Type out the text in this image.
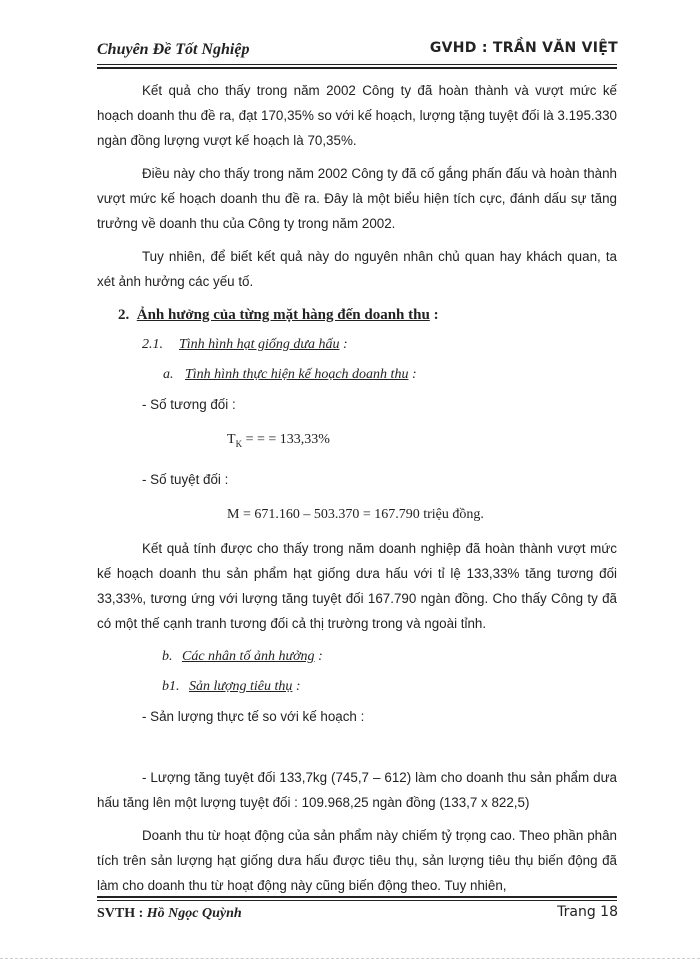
Chuyên Đề Tốt Nghiệp	GVHD : TRẦN VĂN VIỆT

Kết quả cho thấy trong năm 2002 Công ty đã hoàn thành và vượt mức kế hoạch doanh thu đề ra, đạt 170,35% so với kế hoạch, lượng tặng tuyệt đối là 3.195.330 ngàn đồng lượng vượt kế hoạch là 70,35%.

Điều này cho thấy trong năm 2002 Công ty đã cố gắng phấn đấu và hoàn thành vượt mức kế hoạch doanh thu đề ra. Đây là một biểu hiện tích cực, đánh dấu sự tăng trưởng về doanh thu của Công ty trong năm 2002.

Tuy nhiên, để biết kết quả này do nguyên nhân chủ quan hay khách quan, ta xét ảnh hưởng các yếu tố.

2. Ảnh hưởng của từng mặt hàng đến doanh thu :
2.1. Tình hình hạt giống dưa hấu :
a. Tình hình thực hiện kế hoạch doanh thu :

- Số tương đối :

$T_K$ = = = 133,33%

- Số tuyệt đối :

M = 671.160 – 503.370 = 167.790 triệu đồng.

Kết quả tính được cho thấy trong năm doanh nghiệp đã hoàn thành vượt mức kế hoạch doanh thu sản phẩm hạt giống dưa hấu với tỉ lệ 133,33% tăng tương đối 33,33%, tương ứng với lượng tăng tuyệt đối 167.790 ngàn đồng. Cho thấy Công ty đã có một thế cạnh tranh tương đối cả thị trường trong và ngoài tỉnh.

b. Các nhân tố ảnh hưởng :
b1. Sản lượng tiêu thụ :

- Sản lượng thực tế so với kế hoạch :

- Lượng tăng tuyệt đối 133,7kg (745,7 – 612) làm cho doanh thu sản phẩm dưa hấu tăng lên một lượng tuyệt đối : 109.968,25 ngàn đồng (133,7 x 822,5)

Doanh thu từ hoạt động của sản phẩm này chiếm tỷ trọng cao. Theo phần phân tích trên sản lượng hạt giống dưa hấu được tiêu thụ, sản lượng tiêu thụ biến động đã làm cho doanh thu từ hoạt động này cũng biến động theo. Tuy nhiên,

SVTH : Hồ Ngọc Quỳnh	Trang 18
